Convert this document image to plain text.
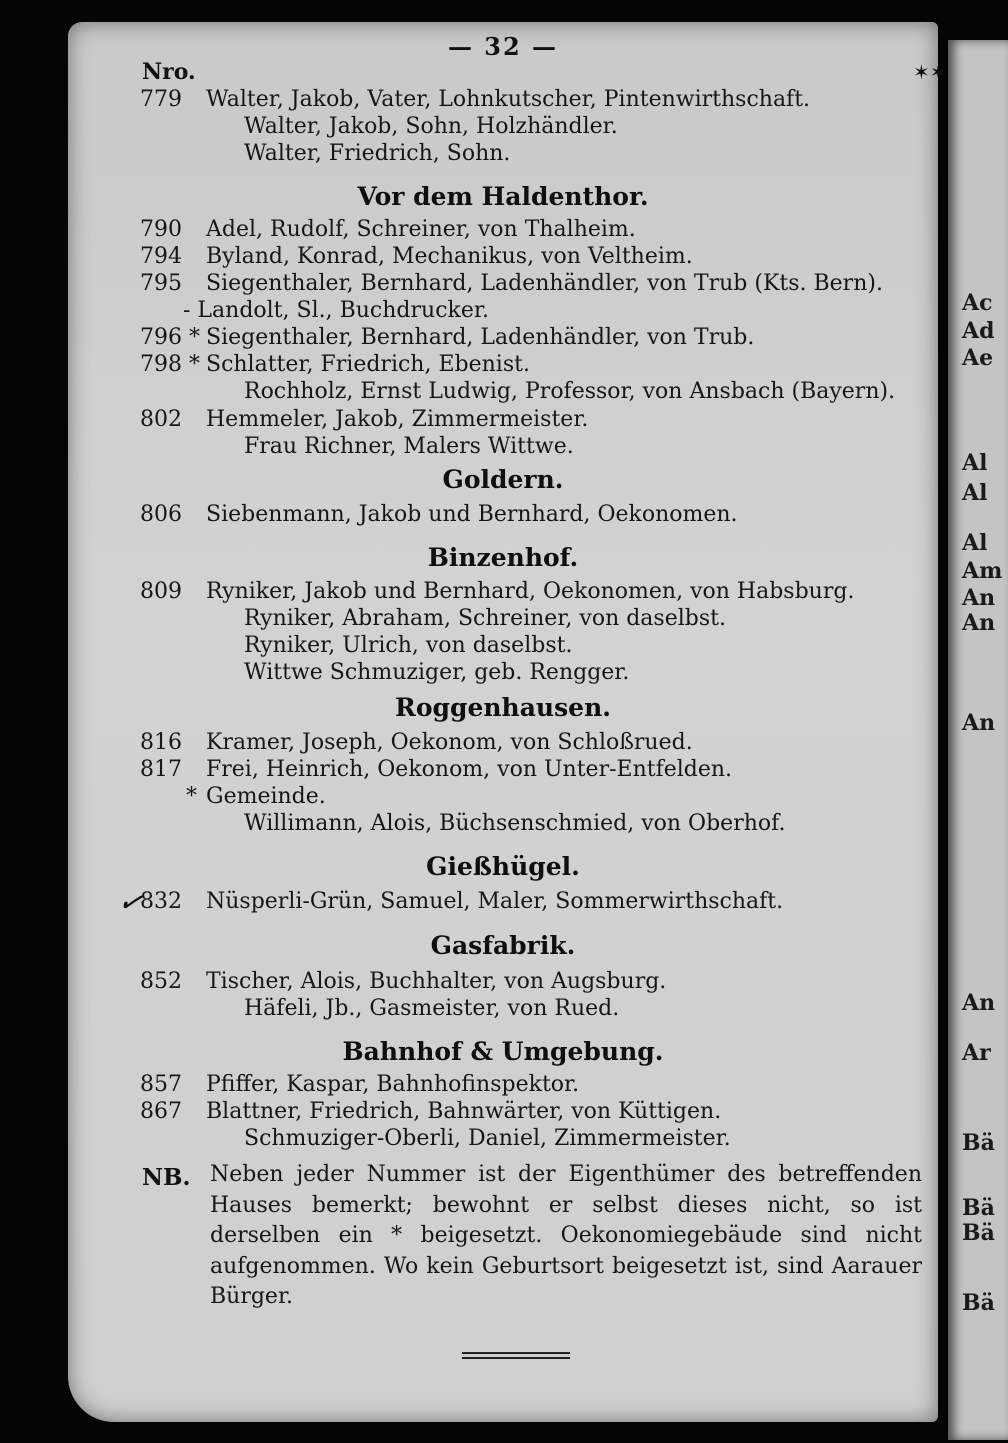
Ac
Ad
Ae
Al
Al
Al
Am
An
An
An
An
Ar
Bä
Bä
Bä
Bä
— 32 —
Nro.	✶✶
✓
779 Walter, Jakob, Vater, Lohnkutscher, Pintenwirthschaft.
Walter, Jakob, Sohn, Holzhändler.
Walter, Friedrich, Sohn.
Vor dem Haldenthor.
790 Adel, Rudolf, Schreiner, von Thalheim.
794 Byland, Konrad, Mechanikus, von Veltheim.
795 Siegenthaler, Bernhard, Ladenhändler, von Trub (Kts. Bern).
- Landolt, Sl., Buchdrucker.
796 * Siegenthaler, Bernhard, Ladenhändler, von Trub.
798 * Schlatter, Friedrich, Ebenist.
Rochholz, Ernst Ludwig, Professor, von Ansbach (Bayern).
802 Hemmeler, Jakob, Zimmermeister.
Frau Richner, Malers Wittwe.
Goldern.
806 Siebenmann, Jakob und Bernhard, Oekonomen.
Binzenhof.
809 Ryniker, Jakob und Bernhard, Oekonomen, von Habsburg.
Ryniker, Abraham, Schreiner, von daselbst.
Ryniker, Ulrich, von daselbst.
Wittwe Schmuziger, geb. Rengger.
Roggenhausen.
816 Kramer, Joseph, Oekonom, von Schloßrued.
817 Frei, Heinrich, Oekonom, von Unter-Entfelden.
* Gemeinde.
Willimann, Alois, Büchsenschmied, von Oberhof.
Gießhügel.
832 Nüsperli-Grün, Samuel, Maler, Sommerwirthschaft.
Gasfabrik.
852 Tischer, Alois, Buchhalter, von Augsburg.
Häfeli, Jb., Gasmeister, von Rued.
Bahnhof & Umgebung.
857 Pfiffer, Kaspar, Bahnhofinspektor.
867 Blattner, Friedrich, Bahnwärter, von Küttigen.
Schmuziger-Oberli, Daniel, Zimmermeister.
NB. Neben jeder Nummer ist der Eigenthümer des betreffenden Hauses bemerkt; bewohnt er selbst dieses nicht, so ist derselben ein * beigesetzt. Oekonomiegebäude sind nicht aufgenommen. Wo kein Geburtsort beigesetzt ist, sind Aarauer Bürger.
